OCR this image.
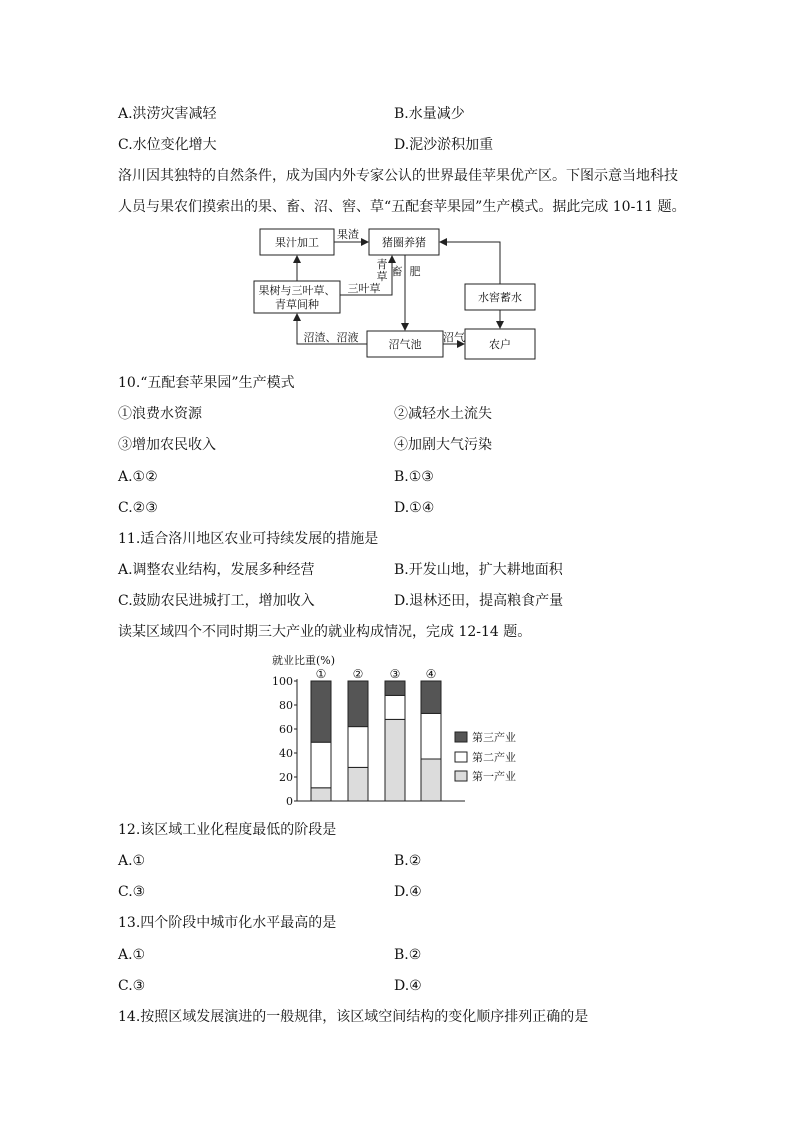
A.洪涝灾害减轻	B.水量减少
C.水位变化增大	D.泥沙淤积加重
洛川因其独特的自然条件，成为国内外专家公认的世界最佳苹果优产区。下图示意当地科技人员与果农们摸索出的果、畜、沼、窖、草“五配套苹果园”生产模式。据此完成 10-11 题。
果汁加工	猪圈养猪
果树与三叶草、
青草间种
水窖蓄水
沼气池	农户
果渣
青
草 畜 肥
三叶草
沼渣、沼液	沼气
10.“五配套苹果园”生产模式
①浪费水资源	②减轻水土流失
③增加农民收入	④加剧大气污染
A.①②	B.①③
C.②③	D.①④
11.适合洛川地区农业可持续发展的措施是
A.调整农业结构，发展多种经营	B.开发山地，扩大耕地面积
C.鼓励农民进城打工，增加收入	D.退林还田，提高粮食产量
读某区域四个不同时期三大产业的就业构成情况，完成 12-14 题。
就业比重(%)
0
20
40
60
80
100
① ② ③ ④
第三产业
第二产业
第一产业
12.该区域工业化程度最低的阶段是
A.①	B.②
C.③	D.④
13.四个阶段中城市化水平最高的是
A.①	B.②
C.③	D.④
14.按照区域发展演进的一般规律，该区域空间结构的变化顺序排列正确的是
